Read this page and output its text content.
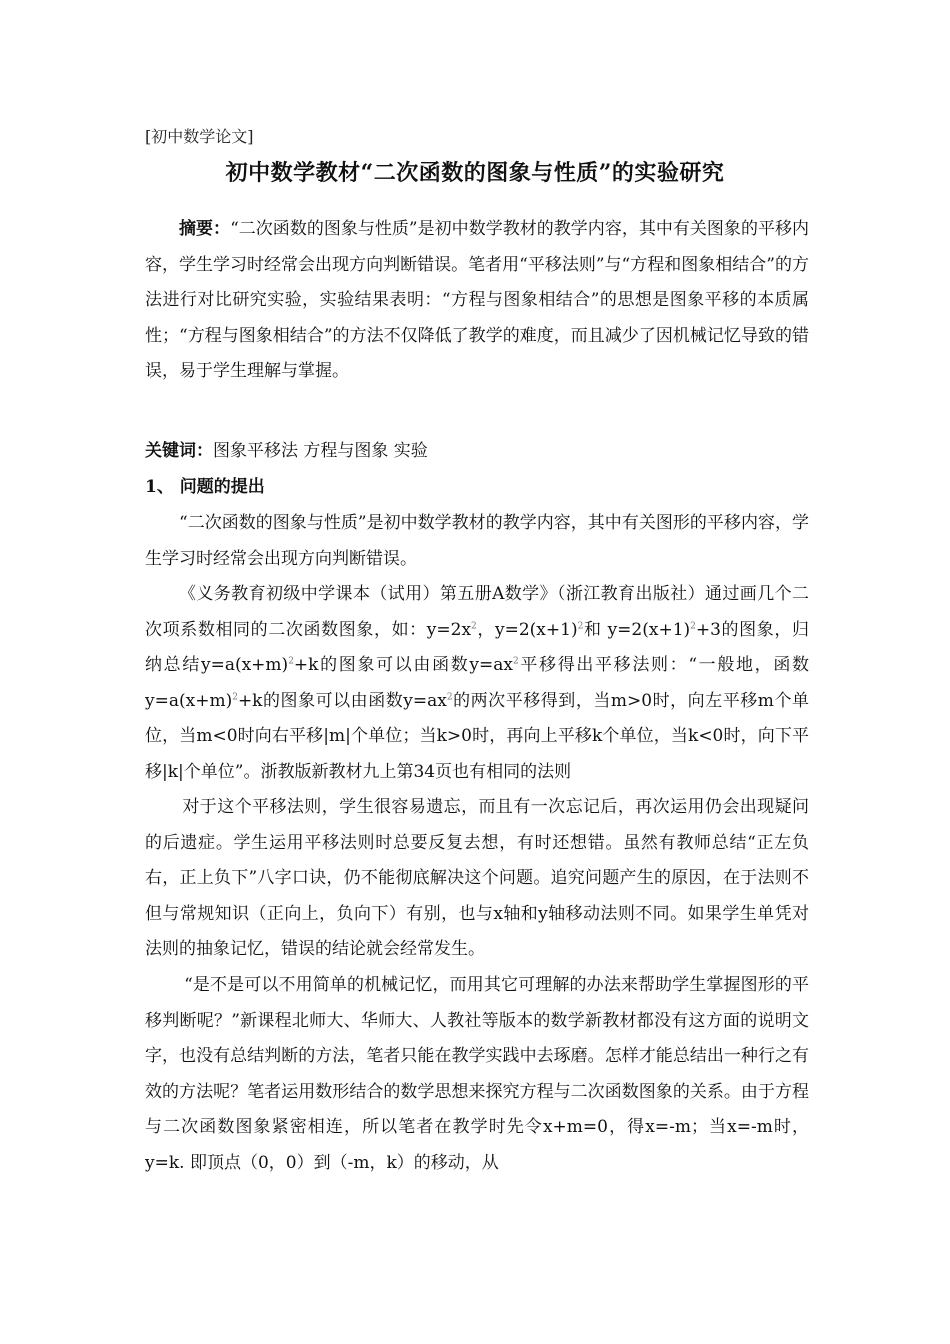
[初中数学论文]
初中数学教材“二次函数的图象与性质”的实验研究
摘要：“二次函数的图象与性质”是初中数学教材的教学内容，其中有关图象的平移内容，学生学习时经常会出现方向判断错误。笔者用“平移法则”与“方程和图象相结合”的方法进行对比研究实验，实验结果表明：“方程与图象相结合”的思想是图象平移的本质属性；“方程与图象相结合”的方法不仅降低了教学的难度，而且减少了因机械记忆导致的错误，易于学生理解与掌握。
关键词：图象平移法 方程与图象 实验
1、 问题的提出
“二次函数的图象与性质”是初中数学教材的教学内容，其中有关图形的平移内容，学生学习时经常会出现方向判断错误。
《义务教育初级中学课本（试用）第五册A数学》（浙江教育出版社）通过画几个二次项系数相同的二次函数图象，如：$y=2x^2$，$y=2(x+1)^2$和 $y=2(x+1)^2+3$的图象，归纳总结$y=a(x+m)^2+k$的图象可以由函数$y=ax^2$平移得出平移法则：“一般地，函数$y=a(x+m)^2+k$的图象可以由函数$y=ax^2$的两次平移得到，当m>0时，向左平移m个单位，当m<0时向右平移|m|个单位；当k>0时，再向上平移k个单位，当k<0时，向下平移|k|个单位”。浙教版新教材九上第34页也有相同的法则
对于这个平移法则，学生很容易遗忘，而且有一次忘记后，再次运用仍会出现疑问的后遗症。学生运用平移法则时总要反复去想，有时还想错。虽然有教师总结“正左负右，正上负下”八字口诀，仍不能彻底解决这个问题。追究问题产生的原因，在于法则不但与常规知识（正向上，负向下）有别，也与x轴和y轴移动法则不同。如果学生单凭对法则的抽象记忆，错误的结论就会经常发生。
“是不是可以不用简单的机械记忆，而用其它可理解的办法来帮助学生掌握图形的平移判断呢？”新课程北师大、华师大、人教社等版本的数学新教材都没有这方面的说明文字，也没有总结判断的方法，笔者只能在教学实践中去琢磨。怎样才能总结出一种行之有效的方法呢？笔者运用数形结合的数学思想来探究方程与二次函数图象的关系。由于方程与二次函数图象紧密相连，所以笔者在教学时先令x+m=0，得x=-m；当x=-m时，y=k. 即顶点（0，0）到（-m，k）的移动，从
